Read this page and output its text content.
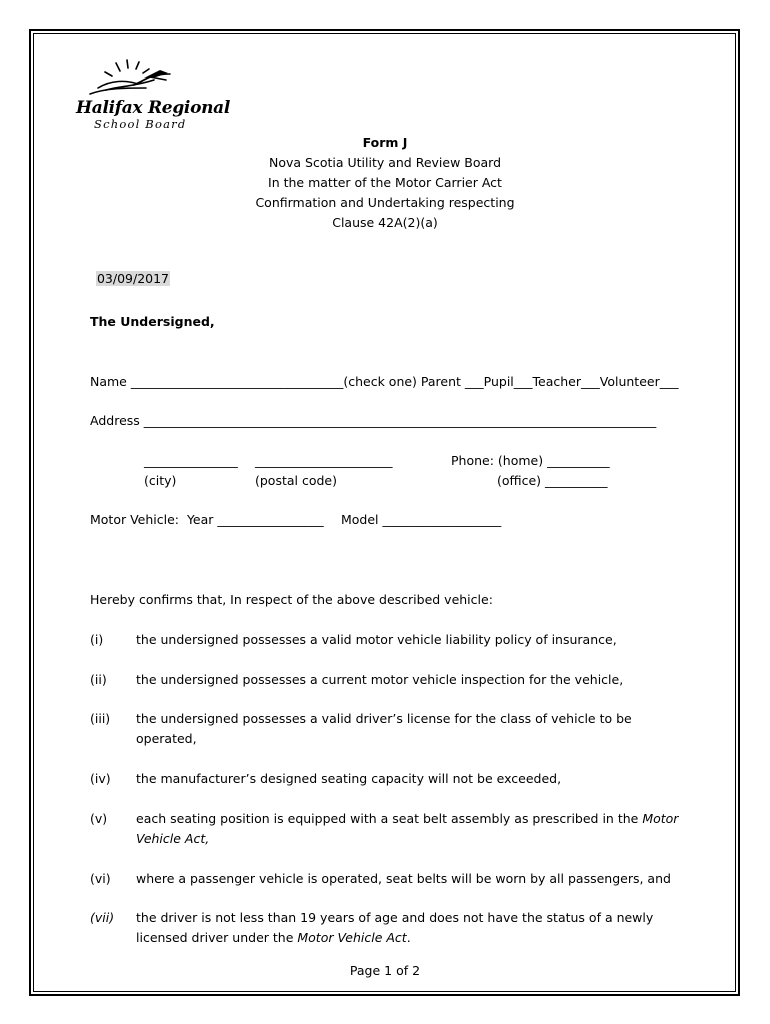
Halifax Regional
School Board
Form J
Nova Scotia Utility and Review Board
In the matter of the Motor Carrier Act
Confirmation and Undertaking respecting
Clause 42A(2)(a)

03/09/2017

The Undersigned,
Name __________________________________(check one) Parent ___Pupil___Teacher___Volunteer___
Address __________________________________________________________________________________
_______________ ______________________	Phone: (home) __________
(city)	(postal code)	(office) __________
Motor Vehicle:  Year _________________ Model ___________________
Hereby confirms that, In respect of the above described vehicle:
(i)	the undersigned possesses a valid motor vehicle liability policy of insurance,
(ii) the undersigned possesses a current motor vehicle inspection for the vehicle,
(iii) the undersigned possesses a valid driver’s license for the class of vehicle to be
operated,
(iv) the manufacturer’s designed seating capacity will not be exceeded,
(v) each seating position is equipped with a seat belt assembly as prescribed in the Motor
Vehicle Act,
(vi) where a passenger vehicle is operated, seat belts will be worn by all passengers, and
(vii) the driver is not less than 19 years of age and does not have the status of a newly
licensed driver under the Motor Vehicle Act.
Page 1 of 2
